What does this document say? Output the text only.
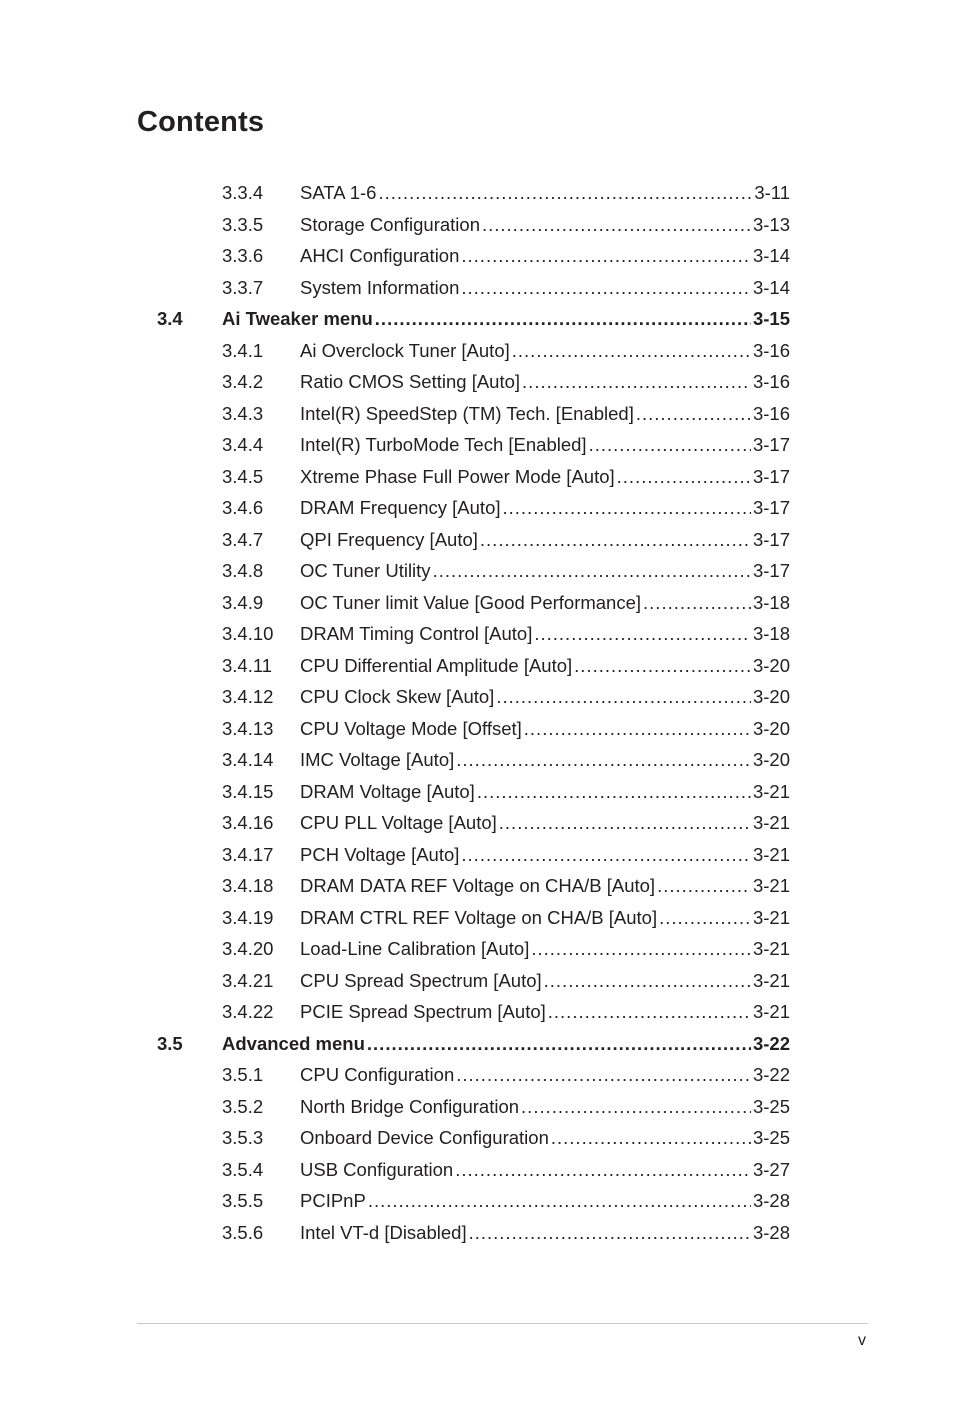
Contents
3.3.4 SATA 1-6 .....	3-11
3.3.5 Storage Configuration .....	3-13
3.3.6 AHCI Configuration .....	3-14
3.3.7 System Information .....	3-14
3.4 Ai Tweaker menu .....	3-15
3.4.1 Ai Overclock Tuner [Auto] .....	3-16
3.4.2 Ratio CMOS Setting [Auto] .....	3-16
3.4.3 Intel(R) SpeedStep (TM) Tech. [Enabled] .....	3-16
3.4.4 Intel(R) TurboMode Tech [Enabled] .....	3-17
3.4.5 Xtreme Phase Full Power Mode [Auto] .....	3-17
3.4.6 DRAM Frequency [Auto] .....	3-17
3.4.7 QPI Frequency [Auto] .....	3-17
3.4.8 OC Tuner Utility .....	3-17
3.4.9 OC Tuner limit Value [Good Performance] .....	3-18
3.4.10 DRAM Timing Control [Auto] .....	3-18
3.4.11 CPU Differential Amplitude [Auto] .....	3-20
3.4.12 CPU Clock Skew [Auto] .....	3-20
3.4.13 CPU Voltage Mode [Offset] .....	3-20
3.4.14 IMC Voltage [Auto] .....	3-20
3.4.15 DRAM Voltage [Auto] .....	3-21
3.4.16 CPU PLL Voltage [Auto] .....	3-21
3.4.17 PCH Voltage [Auto] .....	3-21
3.4.18 DRAM DATA REF Voltage on CHA/B [Auto] .....	3-21
3.4.19 DRAM CTRL REF Voltage on CHA/B [Auto] .....	3-21
3.4.20 Load-Line Calibration [Auto] .....	3-21
3.4.21 CPU Spread Spectrum [Auto] .....	3-21
3.4.22 PCIE Spread Spectrum [Auto] .....	3-21
3.5 Advanced menu .....	3-22
3.5.1 CPU Configuration .....	3-22
3.5.2 North Bridge Configuration .....	3-25
3.5.3 Onboard Device Configuration .....	3-25
3.5.4 USB Configuration .....	3-27
3.5.5 PCIPnP .....	3-28
3.5.6 Intel VT-d [Disabled] .....	3-28
v
